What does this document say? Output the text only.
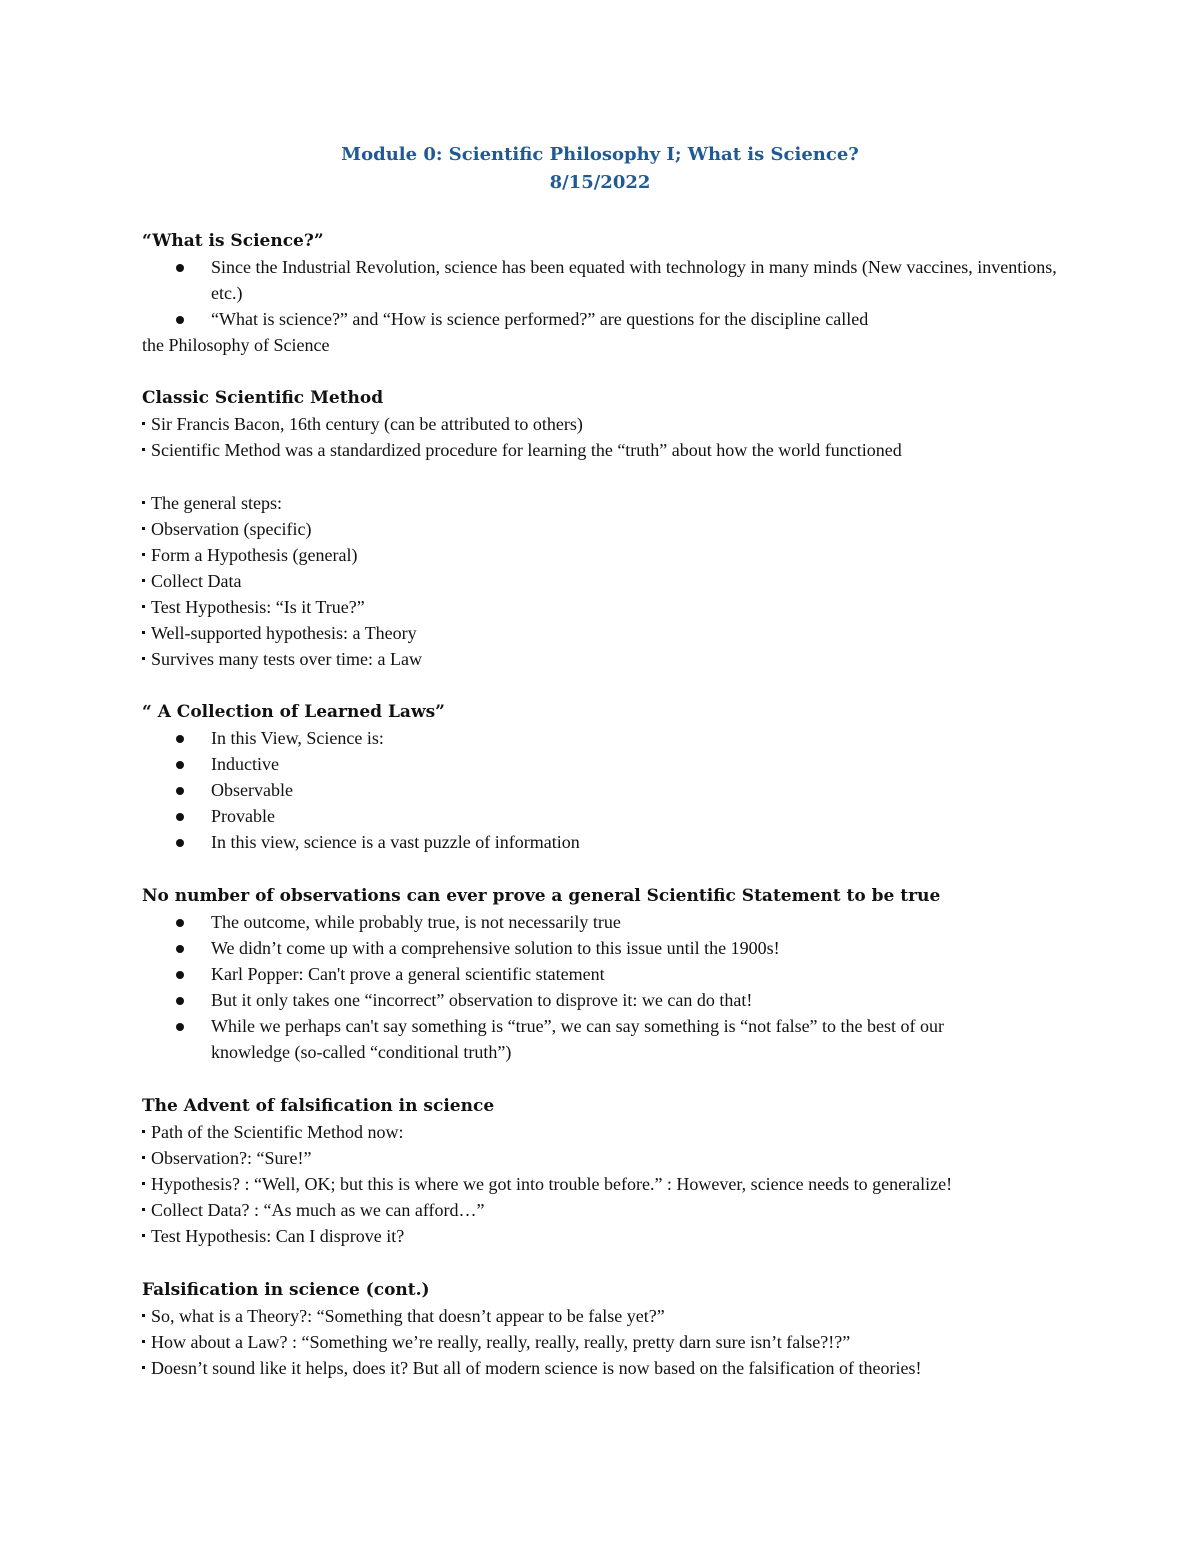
Module 0: Scientific Philosophy I; What is Science?
8/15/2022

“What is Science?”

Since the Industrial Revolution, science has been equated with technology in many minds (New vaccines, inventions, etc.)
“What is science?” and “How is science performed?” are questions for the discipline called

the Philosophy of Science

Classic Scientific Method

Sir Francis Bacon, 16th century (can be attributed to others)

Scientific Method was a standardized procedure for learning the “truth” about how the world functioned

The general steps:

Observation (specific)

Form a Hypothesis (general)

Collect Data

Test Hypothesis: “Is it True?”

Well-supported hypothesis: a Theory

Survives many tests over time: a Law

“ A Collection of Learned Laws”

In this View, Science is:
Inductive
Observable
Provable
In this view, science is a vast puzzle of information

No number of observations can ever prove a general Scientific Statement to be true

The outcome, while probably true, is not necessarily true
We didn’t come up with a comprehensive solution to this issue until the 1900s!
Karl Popper: Can't prove a general scientific statement
But it only takes one “incorrect” observation to disprove it: we can do that!
While we perhaps can't say something is “true”, we can say something is “not false” to the best of our knowledge (so-called “conditional truth”)

The Advent of falsification in science

Path of the Scientific Method now:

Observation?: “Sure!”

Hypothesis? : “Well, OK; but this is where we got into trouble before.” : However, science needs to generalize!

Collect Data? : “As much as we can afford…”

Test Hypothesis: Can I disprove it?

Falsification in science (cont.)

So, what is a Theory?: “Something that doesn’t appear to be false yet?”

How about a Law? : “Something we’re really, really, really, really, pretty darn sure isn’t false?!?”

Doesn’t sound like it helps, does it? But all of modern science is now based on the falsification of theories!
